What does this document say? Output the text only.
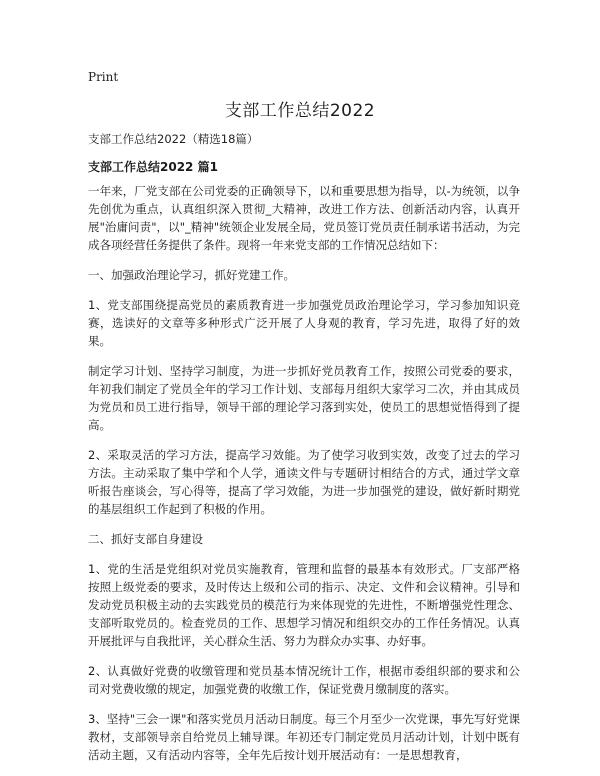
Print
支部工作总结2022
支部工作总结2022（精选18篇）
支部工作总结2022 篇1

一年来，厂党支部在公司党委的正确领导下，以和重要思想为指导，以-为统领，以争先创优为重点，认真组织深入贯彻_大精神，改进工作方法、创新活动内容，认真开展"治庸问责"，以"_精神"统领企业发展全局，党员签订党员责任制承诺书活动，为完成各项经营任务提供了条件。现将一年来党支部的工作情况总结如下：

一、加强政治理论学习，抓好党建工作。

1、党支部围绕提高党员的素质教育进一步加强党员政治理论学习，学习参加知识竞赛，选读好的文章等多种形式广泛开展了人身观的教育，学习先进，取得了好的效果。

制定学习计划、坚持学习制度，为进一步抓好党员教育工作，按照公司党委的要求，年初我们制定了党员全年的学习工作计划、支部每月组织大家学习二次，并由其成员为党员和员工进行指导，领导干部的理论学习落到实处，使员工的思想觉悟得到了提高。

2、采取灵活的学习方法，提高学习效能。为了使学习收到实效，改变了过去的学习方法。主动采取了集中学和个人学，通读文件与专题研讨相结合的方式，通过学文章听报告座谈会，写心得等，提高了学习效能，为进一步加强党的建设，做好新时期党的基层组织工作起到了积极的作用。

二、抓好支部自身建设

1、党的生活是党组织对党员实施教育，管理和监督的最基本有效形式。厂支部严格按照上级党委的要求，及时传达上级和公司的指示、决定、文件和会议精神。引导和发动党员积极主动的去实践党员的模范行为来体现党的先进性，不断增强党性理念、支部听取党员的。检查党员的工作、思想学习情况和组织交办的工作任务情况。认真开展批评与自我批评，关心群众生活、努力为群众办实事、办好事。

2、认真做好党费的收缴管理和党员基本情况统计工作，根据市委组织部的要求和公司对党费收缴的规定，加强党费的收缴工作，保证党费月缴制度的落实。

3、坚持"三会一课"和落实党员月活动日制度。每三个月至少一次党课，事先写好党课教材，支部领导亲自给党员上辅导课。年初还专门制定党员月活动计划，计划中既有活动主题，又有活动内容等，全年先后按计划开展活动有：一是思想教育，
